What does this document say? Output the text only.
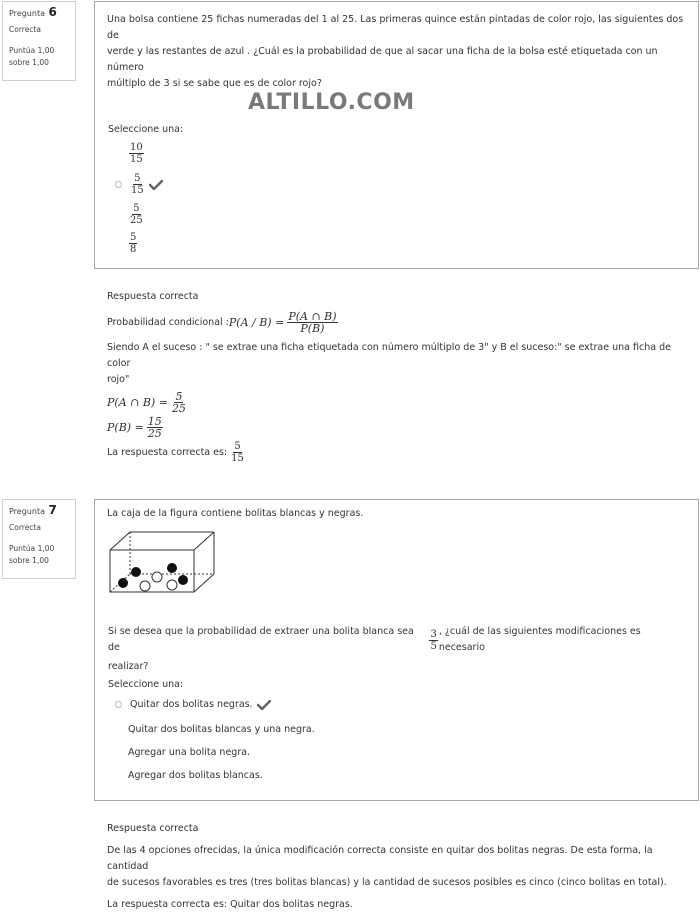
Pregunta 6
Correcta
Puntúa 1,00
sobre 1,00
Una bolsa contiene 25 fichas numeradas del 1 al 25. Las primeras quince están pintadas de color rojo, las siguientes dos de
verde y las restantes de azul . ¿Cuál es la probabilidad de que al sacar una ficha de la bolsa esté etiquetada con un número
múltiplo de 3 si se sabe que es de color rojo?
ALTILLO.COM
Seleccione una:
$\frac{10}{15}$
$\frac{5}{15}$
$\frac{5}{25}$
$\frac{5}{8}$
Respuesta correcta
Probabilidad condicional : $P(A / B) = \frac{P(A \cap B)}{P(B)}$
Siendo A el suceso : " se extrae una ficha etiquetada con número múltiplo de 3" y B el suceso:" se extrae una ficha de color
rojo"
P(A ∩ $B) = \frac{5}{25}$
$P(B) = \frac{15}{25}$
La respuesta correcta es: $\frac{5}{15}$
Pregunta 7
Correcta
Puntúa 1,00
sobre 1,00
La caja de la figura contiene bolitas blancas y negras.
Si se desea que la probabilidad de extraer una bolita blanca sea de	$\frac{3}{5}$ , ¿cuál de las siguientes modificaciones es necesario
realizar?
Seleccione una:
Quitar dos bolitas negras.
Quitar dos bolitas blancas y una negra.
Agregar una bolita negra.
Agregar dos bolitas blancas.
Respuesta correcta
De las 4 opciones ofrecidas, la única modificación correcta consiste en quitar dos bolitas negras. De esta forma, la cantidad
de sucesos favorables es tres (tres bolitas blancas) y la cantidad de sucesos posibles es cinco (cinco bolitas en total).
La respuesta correcta es: Quitar dos bolitas negras.
